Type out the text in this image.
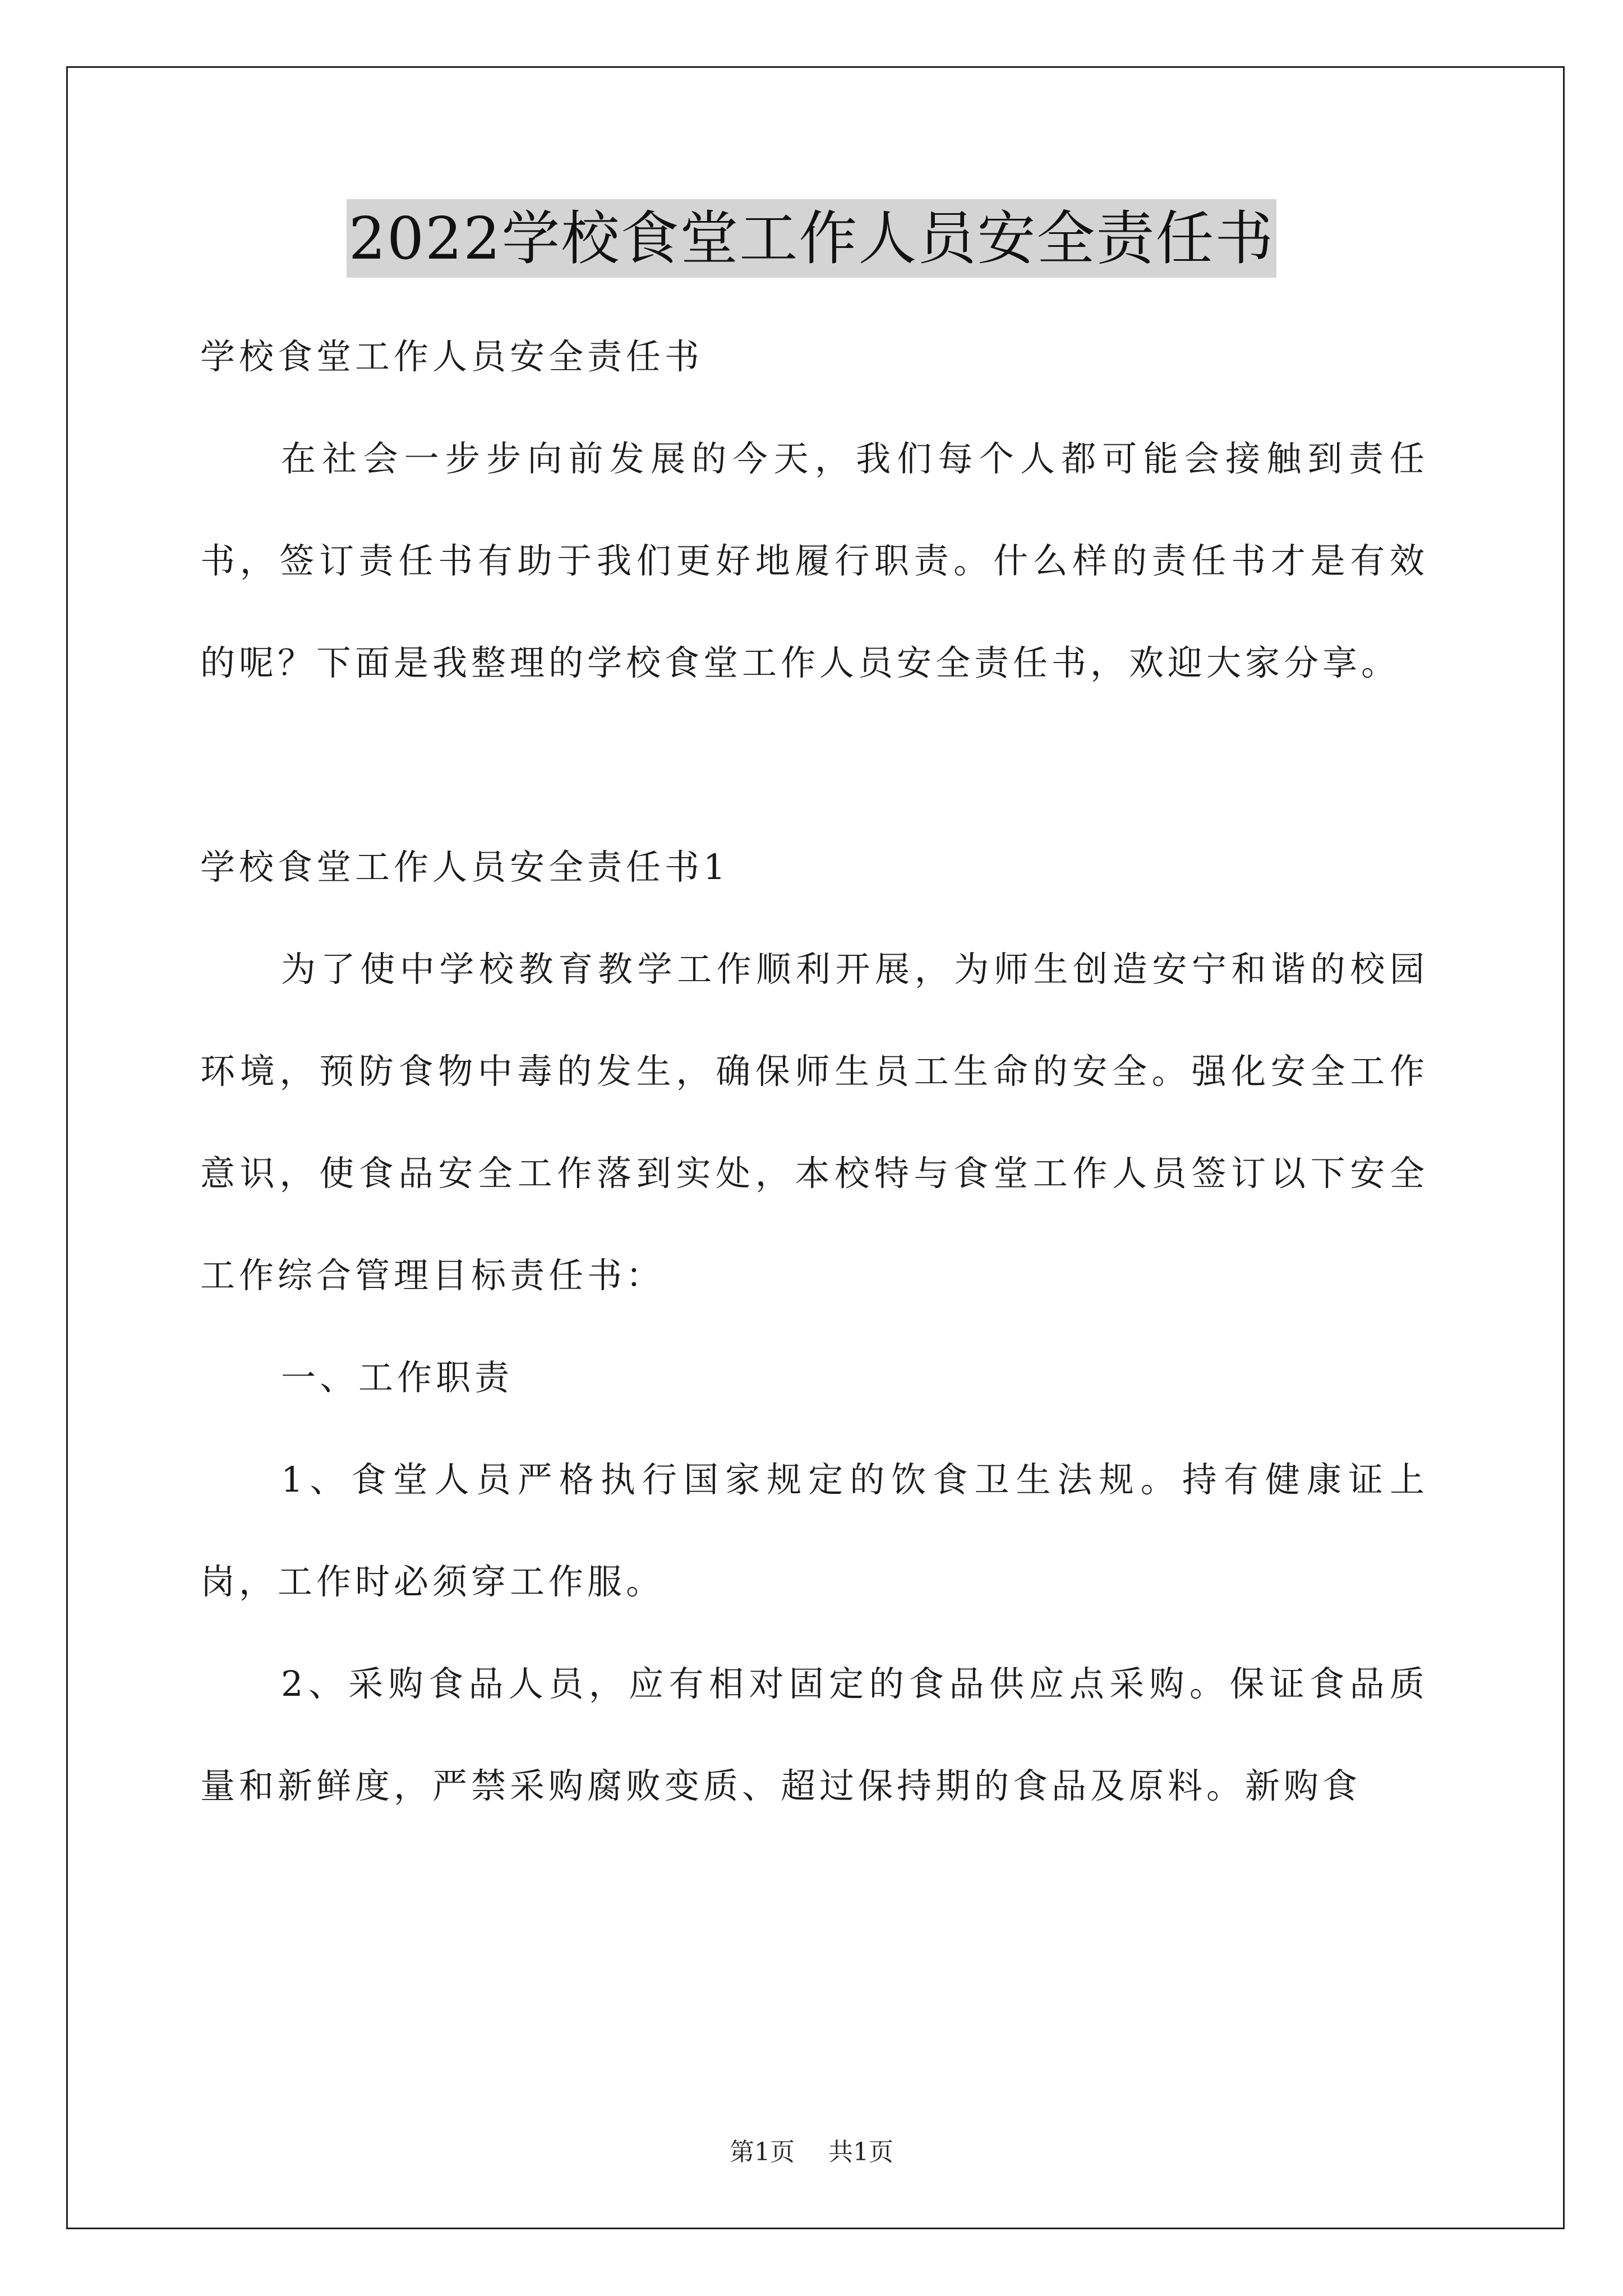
2022学校食堂工作人员安全责任书

学校食堂工作人员安全责任书

在社会一步步向前发展的今天，我们每个人都可能会接触到责任书，签订责任书有助于我们更好地履行职责。什么样的责任书才是有效的呢？下面是我整理的学校食堂工作人员安全责任书，欢迎大家分享。

学校食堂工作人员安全责任书1

为了使中学校教育教学工作顺利开展，为师生创造安宁和谐的校园环境，预防食物中毒的发生，确保师生员工生命的安全。强化安全工作意识，使食品安全工作落到实处，本校特与食堂工作人员签订以下安全工作综合管理目标责任书：

一、工作职责

1、食堂人员严格执行国家规定的饮食卫生法规。持有健康证上岗，工作时必须穿工作服。

2、采购食品人员，应有相对固定的食品供应点采购。保证食品质量和新鲜度，严禁采购腐败变质、超过保持期的食品及原料。新购食

第1页 共1页
